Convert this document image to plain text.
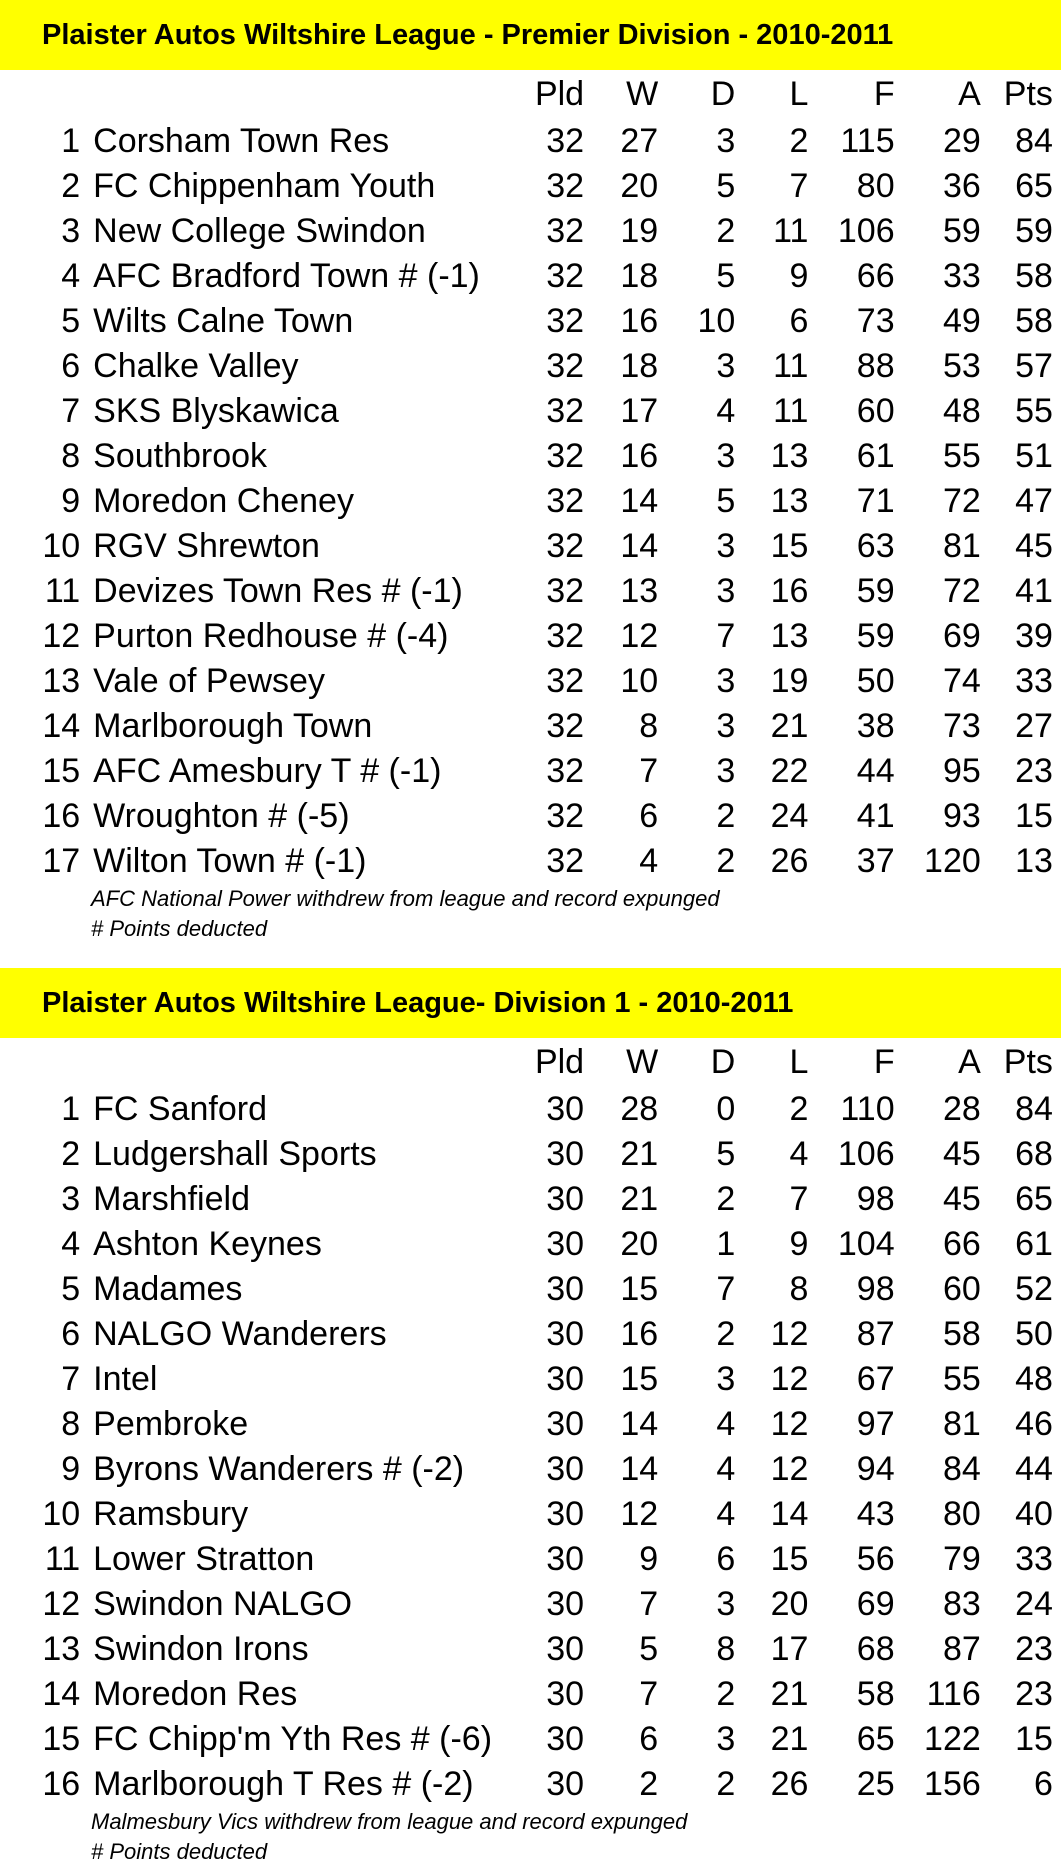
Plaister Autos Wiltshire League - Premier Division - 2010-2011
		Pld	W	D	L	F	A	Pts	
1	Corsham Town Res	32	27	3	2	115	29	84	
2	FC Chippenham Youth	32	20	5	7	80	36	65	
3	New College Swindon	32	19	2	11	106	59	59	
4	AFC Bradford Town # (-1)	32	18	5	9	66	33	58	
5	Wilts Calne Town	32	16	10	6	73	49	58	
6	Chalke Valley	32	18	3	11	88	53	57	
7	SKS Blyskawica	32	17	4	11	60	48	55	
8	Southbrook	32	16	3	13	61	55	51	
9	Moredon Cheney	32	14	5	13	71	72	47	
10	RGV Shrewton	32	14	3	15	63	81	45	
11	Devizes Town Res # (-1)	32	13	3	16	59	72	41	
12	Purton Redhouse # (-4)	32	12	7	13	59	69	39	
13	Vale of Pewsey	32	10	3	19	50	74	33	
14	Marlborough Town	32	8	3	21	38	73	27	
15	AFC Amesbury T # (-1)	32	7	3	22	44	95	23	
16	Wroughton # (-5)	32	6	2	24	41	93	15	
17	Wilton Town # (-1)	32	4	2	26	37	120	13	
AFC National Power withdrew from league and record expunged
# Points deducted
Plaister Autos Wiltshire League- Division 1 - 2010-2011
		Pld	W	D	L	F	A	Pts	
1	FC Sanford	30	28	0	2	110	28	84	
2	Ludgershall Sports	30	21	5	4	106	45	68	
3	Marshfield	30	21	2	7	98	45	65	
4	Ashton Keynes	30	20	1	9	104	66	61	
5	Madames	30	15	7	8	98	60	52	
6	NALGO Wanderers	30	16	2	12	87	58	50	
7	Intel	30	15	3	12	67	55	48	
8	Pembroke	30	14	4	12	97	81	46	
9	Byrons Wanderers # (-2)	30	14	4	12	94	84	44	
10	Ramsbury	30	12	4	14	43	80	40	
11	Lower Stratton	30	9	6	15	56	79	33	
12	Swindon NALGO	30	7	3	20	69	83	24	
13	Swindon Irons	30	5	8	17	68	87	23	
14	Moredon Res	30	7	2	21	58	116	23	
15	FC Chipp'm Yth Res # (-6)	30	6	3	21	65	122	15	
16	Marlborough T Res # (-2)	30	2	2	26	25	156	6	
Malmesbury Vics withdrew from league and record expunged
# Points deducted
